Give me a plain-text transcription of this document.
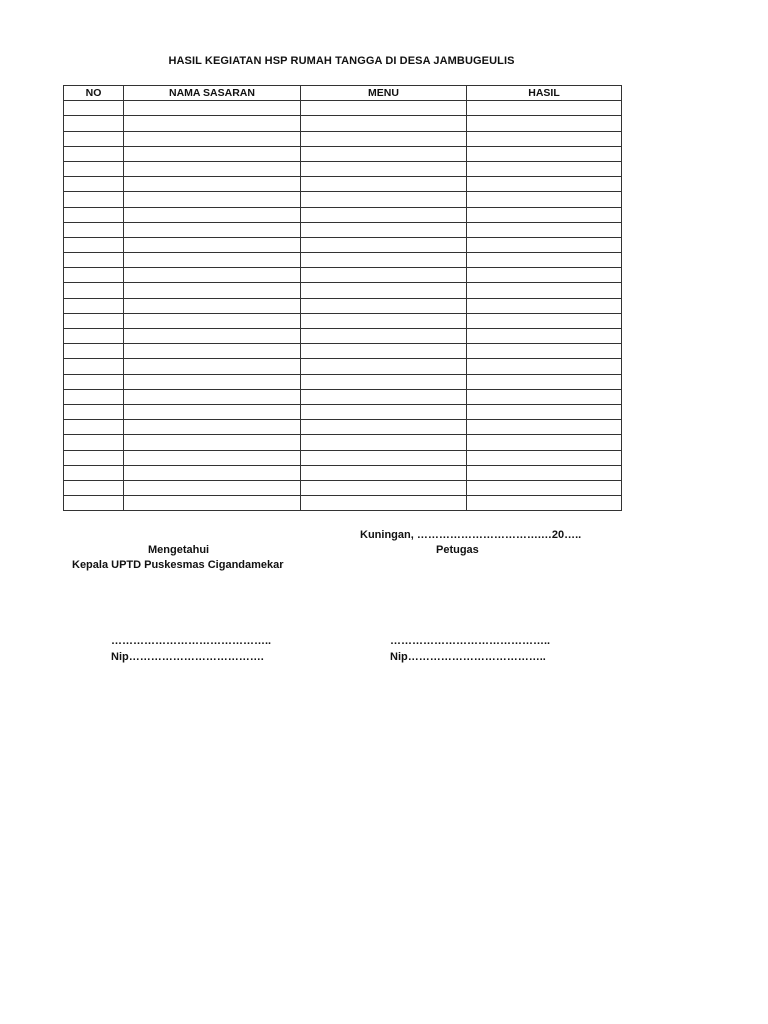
HASIL KEGIATAN HSP RUMAH TANGGA DI DESA JAMBUGEULIS
NO	NAMA SASARAN	MENU	HASIL

Kuningan, …………………………….…20…..
Mengetahui
Kepala UPTD Puskesmas Cigandamekar
Petugas
……………………………………..
Nip……………………………….
……………………………………..
Nip………………………………..
